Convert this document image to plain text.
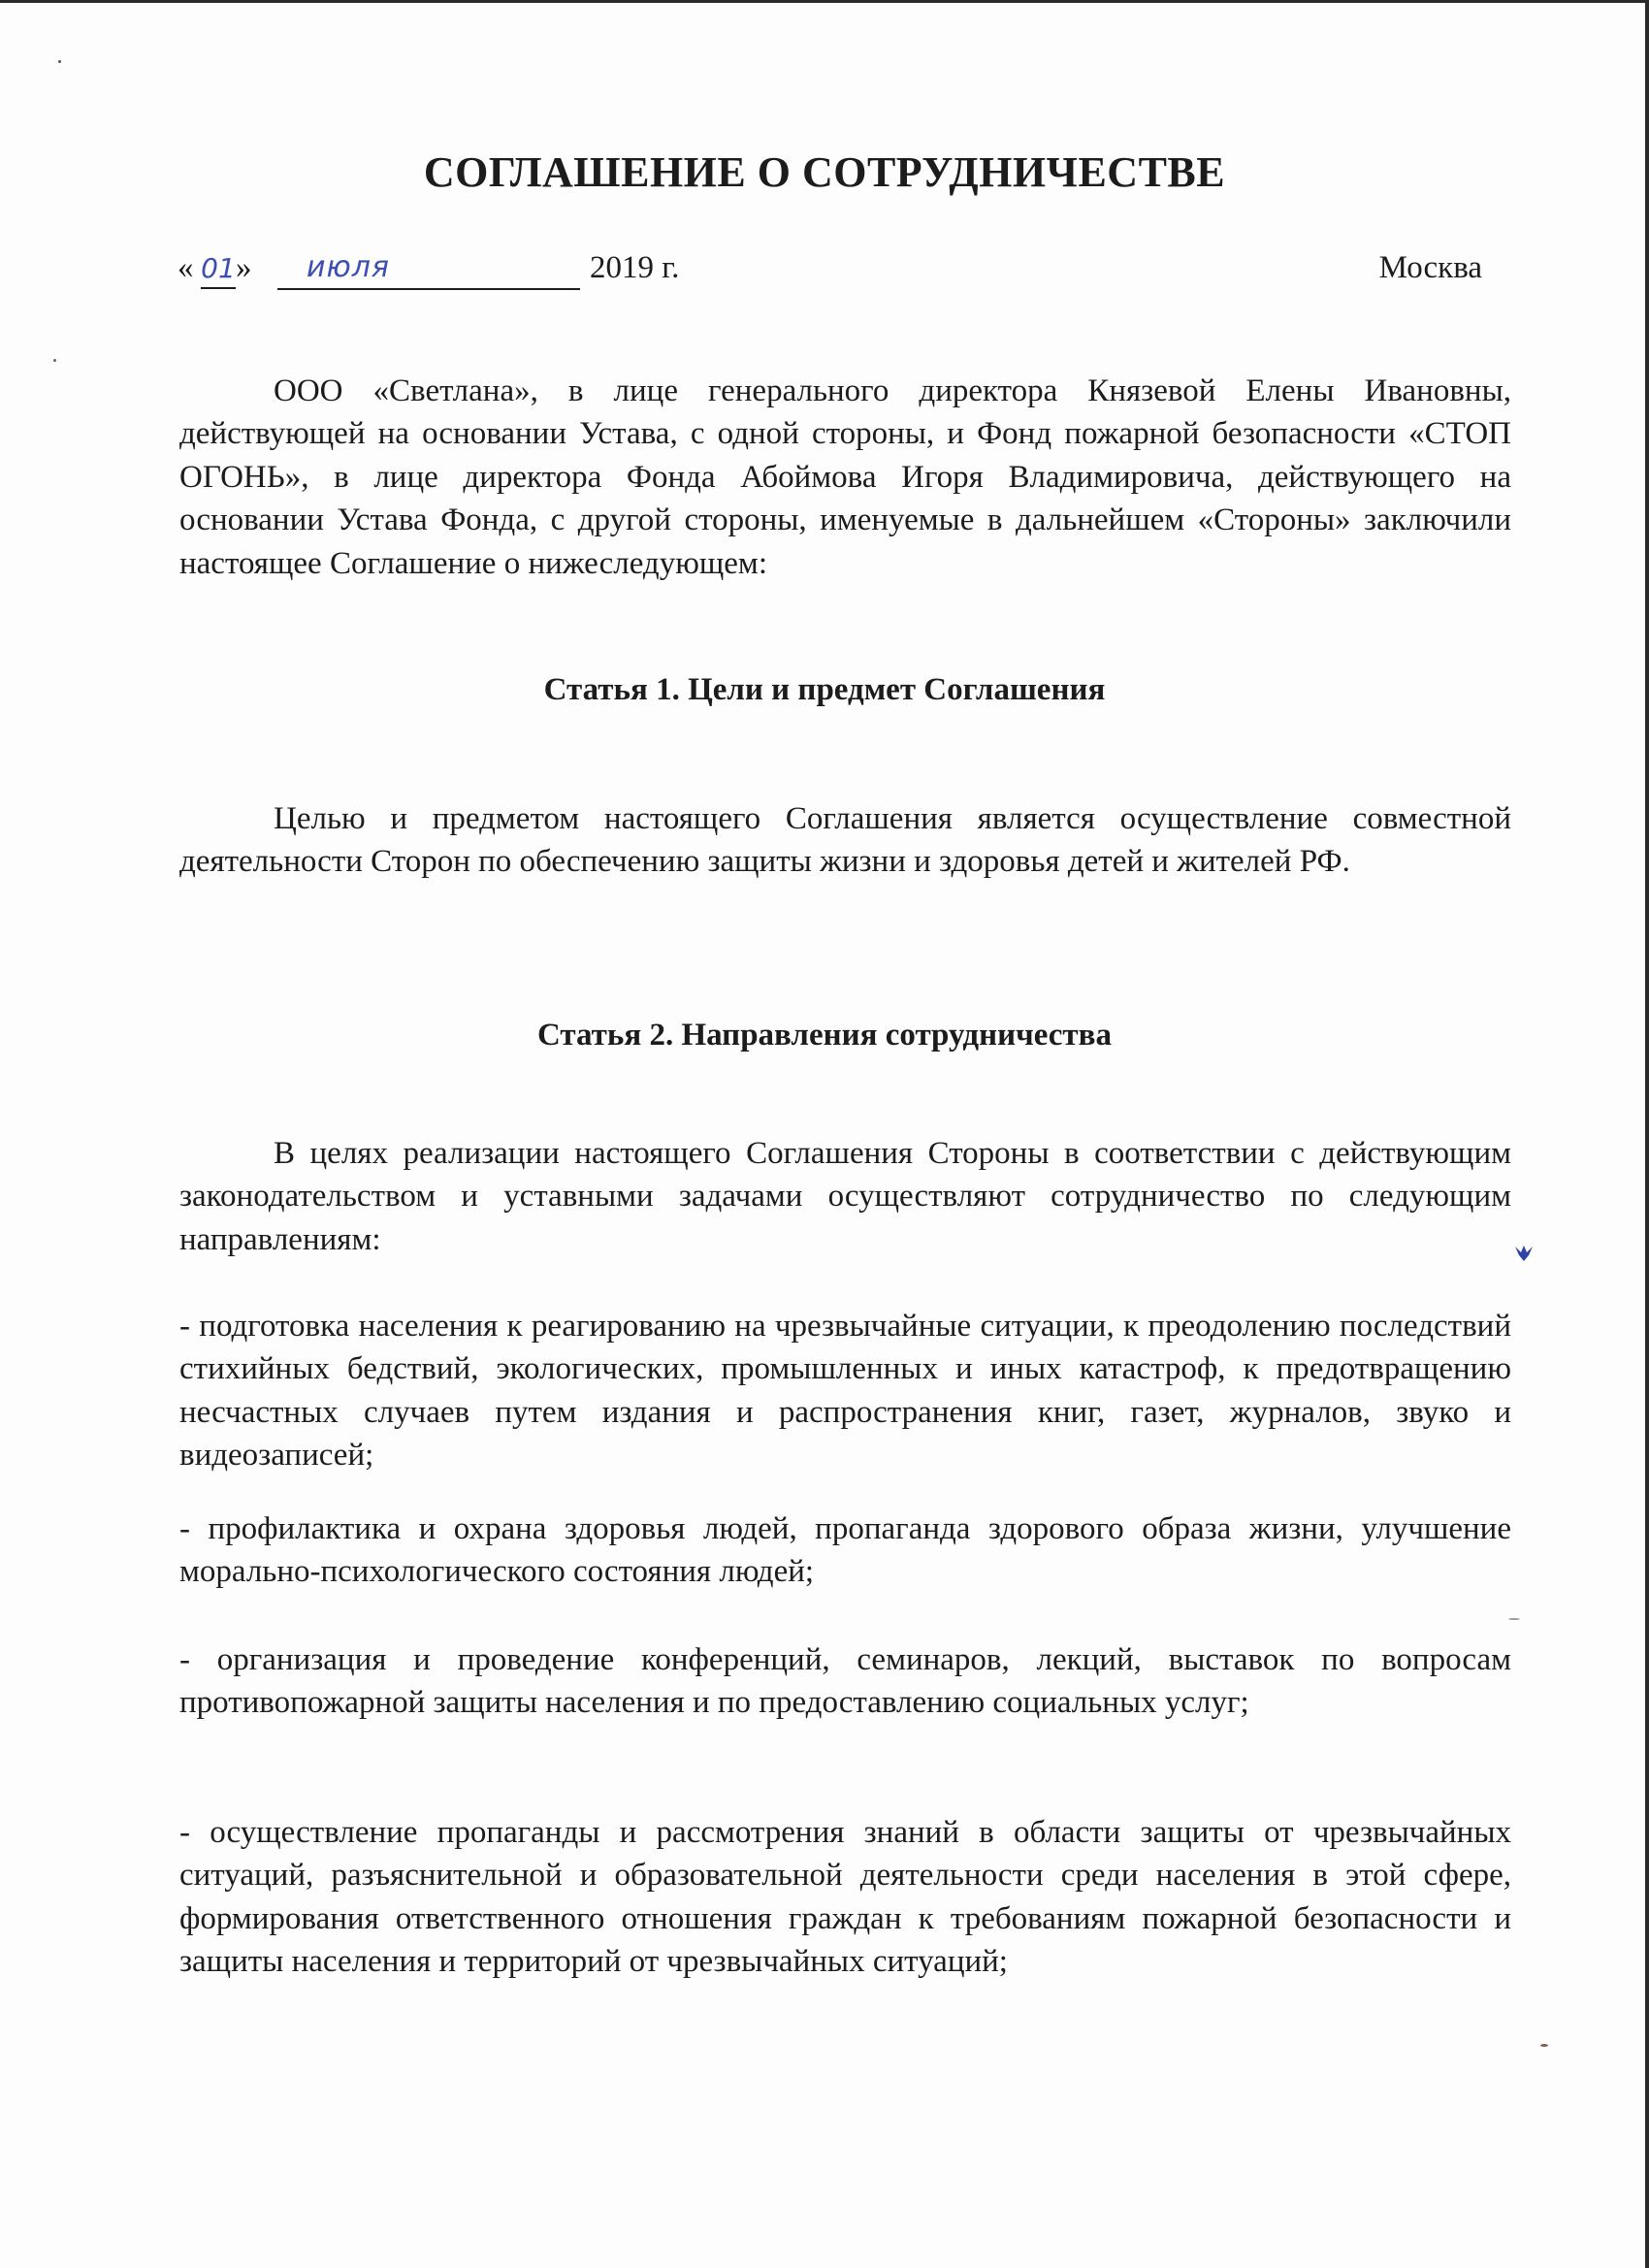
СОГЛАШЕНИЕ О СОТРУДНИЧЕСТВЕ
« 01 » июля	2019 г.	Москва

ООО «Светлана», в лице генерального директора Князевой Елены Ивановны, действующей на основании Устава, с одной стороны, и Фонд пожарной безопасности «СТОП ОГОНЬ», в лице директора Фонда Абоймова Игоря Владимировича, действующего на основании Устава Фонда, с другой стороны, именуемые в дальнейшем «Стороны» заключили настоящее Соглашение о нижеследующем:

Статья 1. Цели и предмет Соглашения

Целью и предметом настоящего Соглашения является осуществление совместной деятельности Сторон по обеспечению защиты жизни и здоровья детей и жителей РФ.

Статья 2. Направления сотрудничества

В целях реализации настоящего Соглашения Стороны в соответствии с действующим законодательством и уставными задачами осуществляют сотрудничество по следующим направлениям:

- подготовка населения к реагированию на чрезвычайные ситуации, к преодолению последствий стихийных бедствий, экологических, промышленных и иных катастроф, к предотвращению несчастных случаев путем издания и распространения книг, газет, журналов, звуко и видеозаписей;

- профилактика и охрана здоровья людей, пропаганда здорового образа жизни, улучшение морально-психологического состояния людей;

- организация и проведение конференций, семинаров, лекций, выставок по вопросам противопожарной защиты населения и по предоставлению социальных услуг;

- осуществление пропаганды и рассмотрения знаний в области защиты от чрезвычайных ситуаций, разъяснительной и образовательной деятельности среди населения в этой сфере, формирования ответственного отношения граждан к требованиям пожарной безопасности и защиты населения и территорий от чрезвычайных ситуаций;
